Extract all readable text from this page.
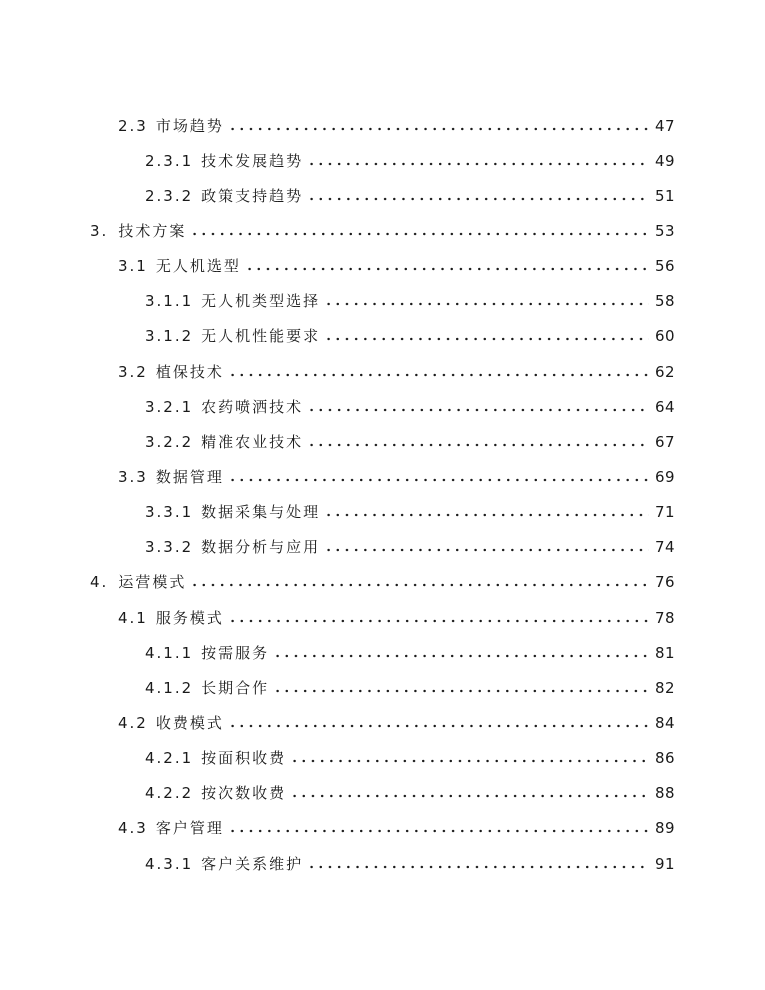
2.3 市场趋势	47
2.3.1 技术发展趋势	49
2.3.2 政策支持趋势	51
3. 技术方案	53
3.1 无人机选型	56
3.1.1 无人机类型选择	58
3.1.2 无人机性能要求	60
3.2 植保技术	62
3.2.1 农药喷洒技术	64
3.2.2 精准农业技术	67
3.3 数据管理	69
3.3.1 数据采集与处理	71
3.3.2 数据分析与应用	74
4. 运营模式	76
4.1 服务模式	78
4.1.1 按需服务	81
4.1.2 长期合作	82
4.2 收费模式	84
4.2.1 按面积收费	86
4.2.2 按次数收费	88
4.3 客户管理	89
4.3.1 客户关系维护	91
